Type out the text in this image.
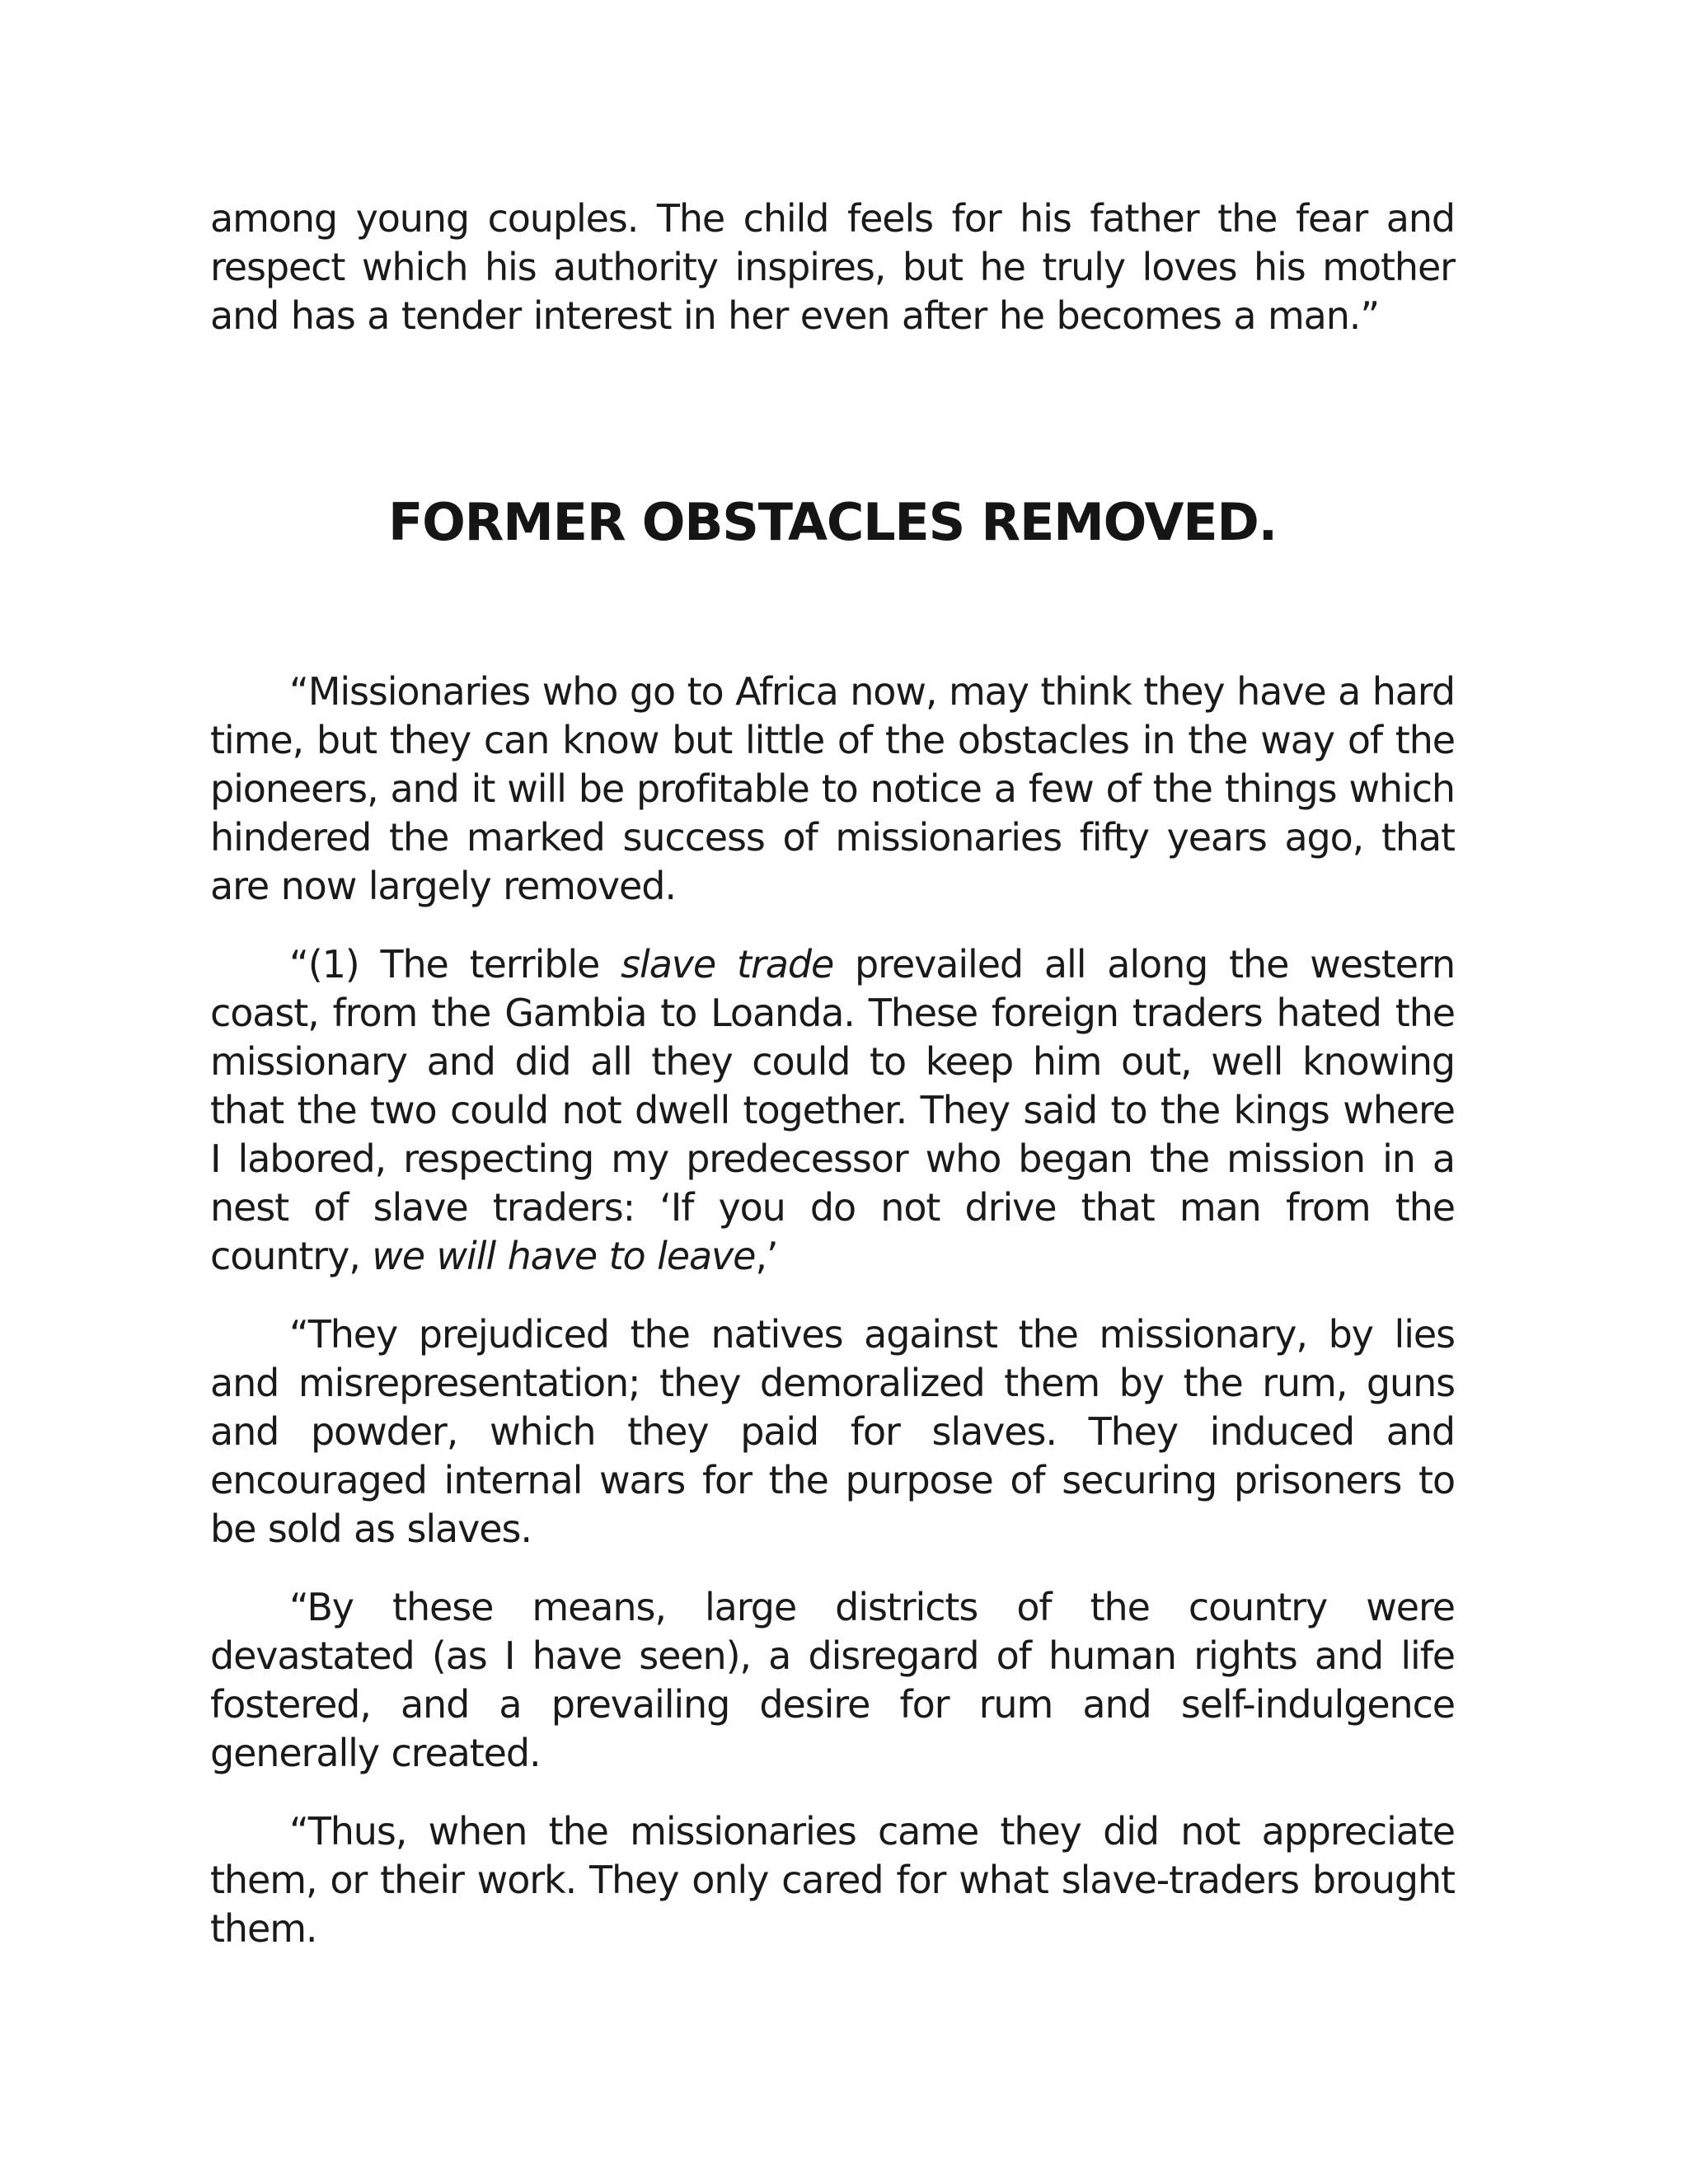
among young couples. The child feels for his father the fear and respect which his authority inspires, but he truly loves his mother and has a tender interest in her even after he becomes a man.”

FORMER OBSTACLES REMOVED.

“Missionaries who go to Africa now, may think they have a hard time, but they can know but little of the obstacles in the way of the pioneers, and it will be profitable to notice a few of the things which hindered the marked success of missionaries fifty years ago, that are now largely removed.

“(1) The terrible slave trade prevailed all along the western coast, from the Gambia to Loanda. These foreign traders hated the missionary and did all they could to keep him out, well knowing that the two could not dwell together. They said to the kings where I labored, respecting my predecessor who began the mission in a nest of slave traders: ‘If you do not drive that man from the country, we will have to leave,’

“They prejudiced the natives against the missionary, by lies and misrepresentation; they demoralized them by the rum, guns and powder, which they paid for slaves. They induced and encouraged internal wars for the purpose of securing prisoners to be sold as slaves.

“By these means, large districts of the country were devastated (as I have seen), a disregard of human rights and life fostered, and a prevailing desire for rum and self-indulgence generally created.

“Thus, when the missionaries came they did not appreciate them, or their work. They only cared for what slave-traders brought them.
